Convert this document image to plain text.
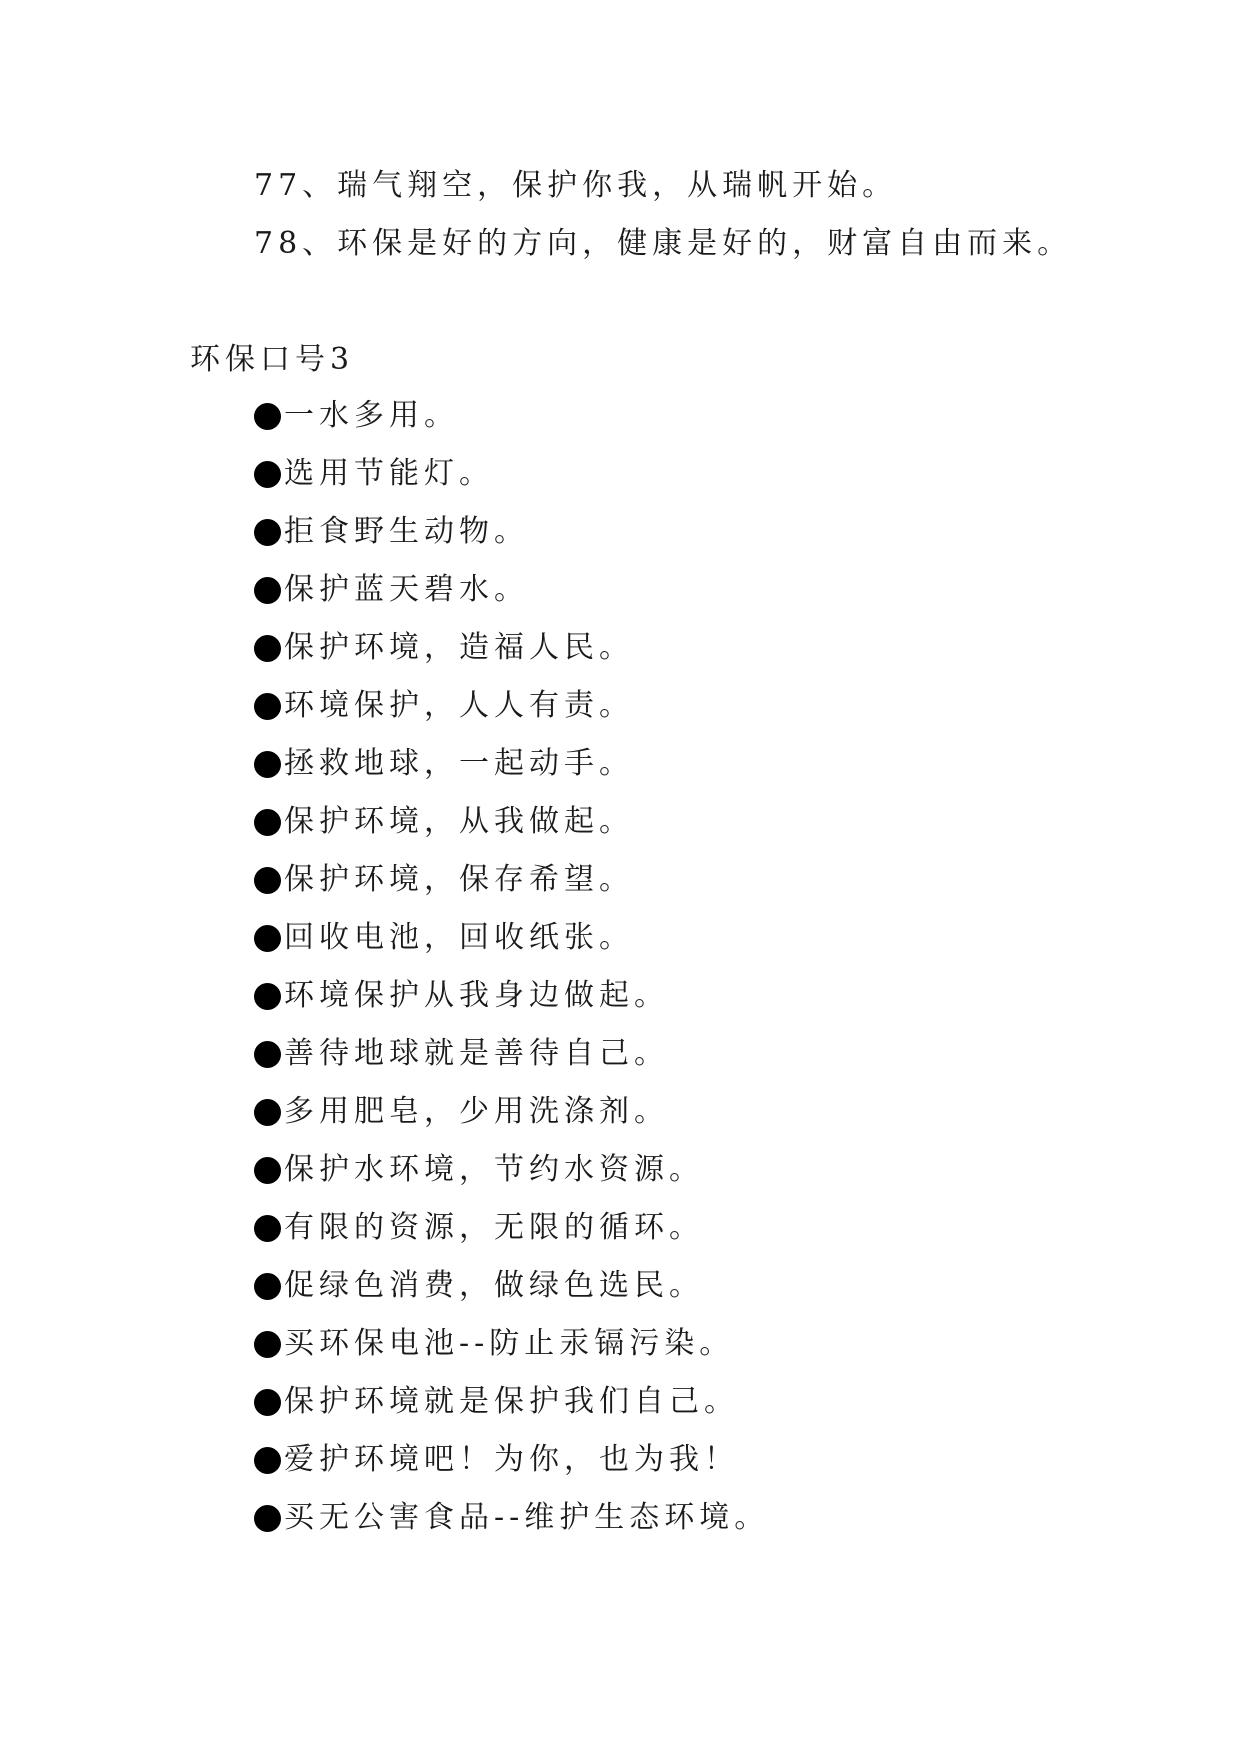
77、瑞气翔空，保护你我，从瑞帆开始。
78、环保是好的方向，健康是好的，财富自由而来。
环保口号3
一水多用。
选用节能灯。
拒食野生动物。
保护蓝天碧水。
保护环境，造福人民。
环境保护，人人有责。
拯救地球，一起动手。
保护环境，从我做起。
保护环境，保存希望。
回收电池，回收纸张。
环境保护从我身边做起。
善待地球就是善待自己。
多用肥皂，少用洗涤剂。
保护水环境，节约水资源。
有限的资源，无限的循环。
促绿色消费，做绿色选民。
买环保电池--防止汞镉污染。
保护环境就是保护我们自己。
爱护环境吧！为你，也为我！
买无公害食品--维护生态环境。
